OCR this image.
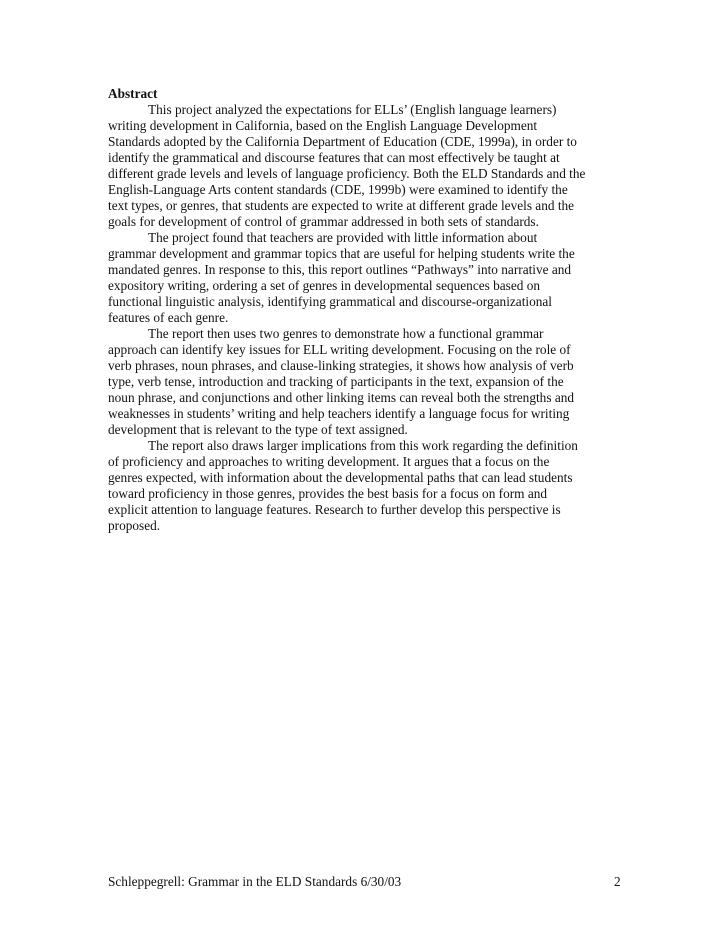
Abstract
This project analyzed the expectations for ELLs’ (English language learners)
writing development in California, based on the English Language Development
Standards adopted by the California Department of Education (CDE, 1999a), in order to
identify the grammatical and discourse features that can most effectively be taught at
different grade levels and levels of language proficiency. Both the ELD Standards and the
English-Language Arts content standards (CDE, 1999b) were examined to identify the
text types, or genres, that students are expected to write at different grade levels and the
goals for development of control of grammar addressed in both sets of standards.
The project found that teachers are provided with little information about
grammar development and grammar topics that are useful for helping students write the
mandated genres. In response to this, this report outlines “Pathways” into narrative and
expository writing, ordering a set of genres in developmental sequences based on
functional linguistic analysis, identifying grammatical and discourse-organizational
features of each genre.
The report then uses two genres to demonstrate how a functional grammar
approach can identify key issues for ELL writing development. Focusing on the role of
verb phrases, noun phrases, and clause-linking strategies, it shows how analysis of verb
type, verb tense, introduction and tracking of participants in the text, expansion of the
noun phrase, and conjunctions and other linking items can reveal both the strengths and
weaknesses in students’ writing and help teachers identify a language focus for writing
development that is relevant to the type of text assigned.
The report also draws larger implications from this work regarding the definition
of proficiency and approaches to writing development. It argues that a focus on the
genres expected, with information about the developmental paths that can lead students
toward proficiency in those genres, provides the best basis for a focus on form and
explicit attention to language features. Research to further develop this perspective is
proposed.
Schleppegrell: Grammar in the ELD Standards 6/30/03	2
